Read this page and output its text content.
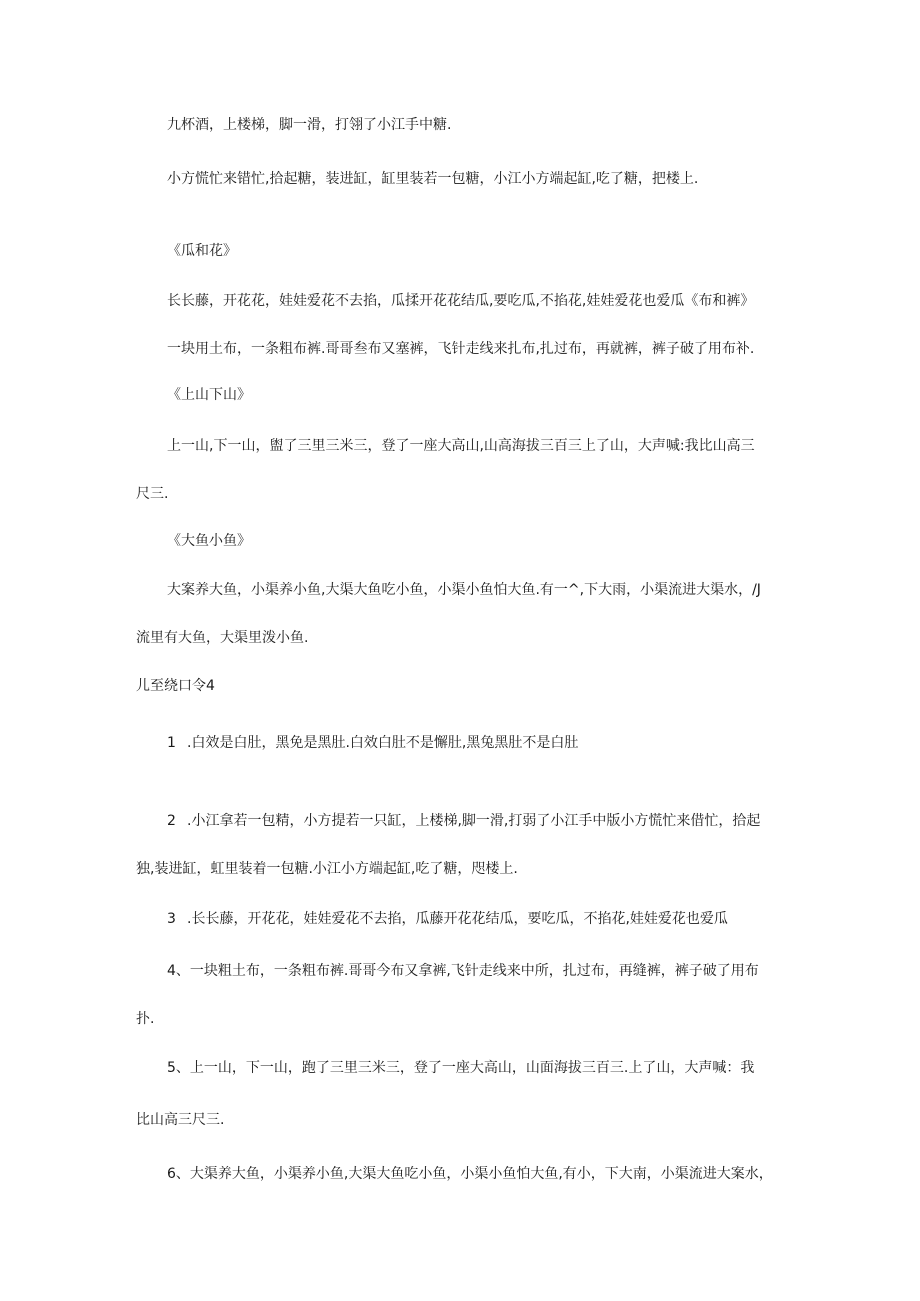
九杯酒，上楼梯，脚一滑，打翎了小江手中糖.
小方慌忙来错忙,拾起糖，装进缸，缸里装若一包糖，小江小方端起缸,吃了糖，把楼上.
《瓜和花》
长长藤，开花花，娃娃爱花不去掐，瓜揉开花花结瓜,要吃瓜,不掐花,娃娃爱花也爱瓜《布和裤》
一块用土布，一条粗布裤.哥哥叁布又塞裤，飞针走线来扎布,扎过布，再就裤，裤子破了用布补.
《上山下山》
上一山,下一山，盥了三里三米三，登了一座大高山,山高海拔三百三上了山，大声喊:我比山高三
尺三.
《大鱼小鱼》
大案养大鱼，小渠养小鱼,大渠大鱼吃小鱼，小渠小鱼怕大鱼.有一^,下大雨，小渠流进大渠水，/J
流里有大鱼，大渠里泼小鱼.
儿至绕口令4
1 .白效是白肚，黑免是黑肚.白效白肚不是懈肚,黑兔黑肚不是白肚
2 .小江拿若一包精，小方提若一只缸，上楼梯,脚一滑,打弱了小江手中版小方慌忙来借忙，拾起
独,装进缸，虹里装着一包糖.小江小方端起缸,吃了糖，咫楼上.
3 .长长藤，开花花，娃娃爱花不去掐，瓜藤开花花结瓜，要吃瓜，不掐花,娃娃爱花也爱瓜
4、一块粗土布，一条粗布裤.哥哥今布又拿裤,飞针走线来中所，扎过布，再缝裤，裤子破了用布
扑.
5、上一山，下一山，跑了三里三米三，登了一座大高山，山面海拔三百三.上了山，大声喊：我
比山高三尺三.
6、大渠养大鱼，小渠养小鱼,大渠大鱼吃小鱼，小渠小鱼怕大鱼,有小，下大南，小渠流进大案水，
